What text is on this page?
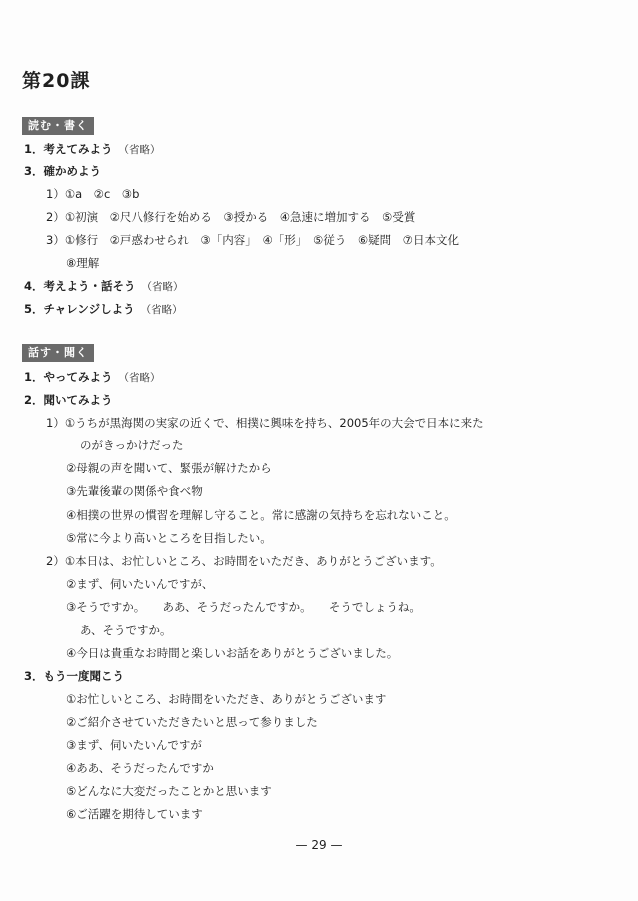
第20課
読む・書く
1．考えてみよう （省略）
3．確かめよう
1）①a　②c　③b
2）①初演　②尺八修行を始める　③授かる　④急速に増加する　⑤受賞
3）①修行　②戸惑わせられ　③「内容」　④「形」　⑤従う　⑥疑問　⑦日本文化
⑧理解
4．考えよう・話そう （省略）
5．チャレンジしよう （省略）
話す・聞く
1．やってみよう （省略）
2．聞いてみよう
1）①うちが黒海関の実家の近くで、相撲に興味を持ち、2005年の大会で日本に来た
のがきっかけだった
②母親の声を聞いて、緊張が解けたから
③先輩後輩の関係や食べ物
④相撲の世界の慣習を理解し守ること。常に感謝の気持ちを忘れないこと。
⑤常に今より高いところを目指したい。
2）①本日は、お忙しいところ、お時間をいただき、ありがとうございます。
②まず、伺いたいんですが、
③そうですか。　　ああ、そうだったんですか。　　そうでしょうね。
あ、そうですか。
④今日は貴重なお時間と楽しいお話をありがとうございました。
3．もう一度聞こう
①お忙しいところ、お時間をいただき、ありがとうございます
②ご紹介させていただきたいと思って参りました
③まず、伺いたいんですが
④ああ、そうだったんですか
⑤どんなに大変だったことかと思います
⑥ご活躍を期待しています
— 29 —
